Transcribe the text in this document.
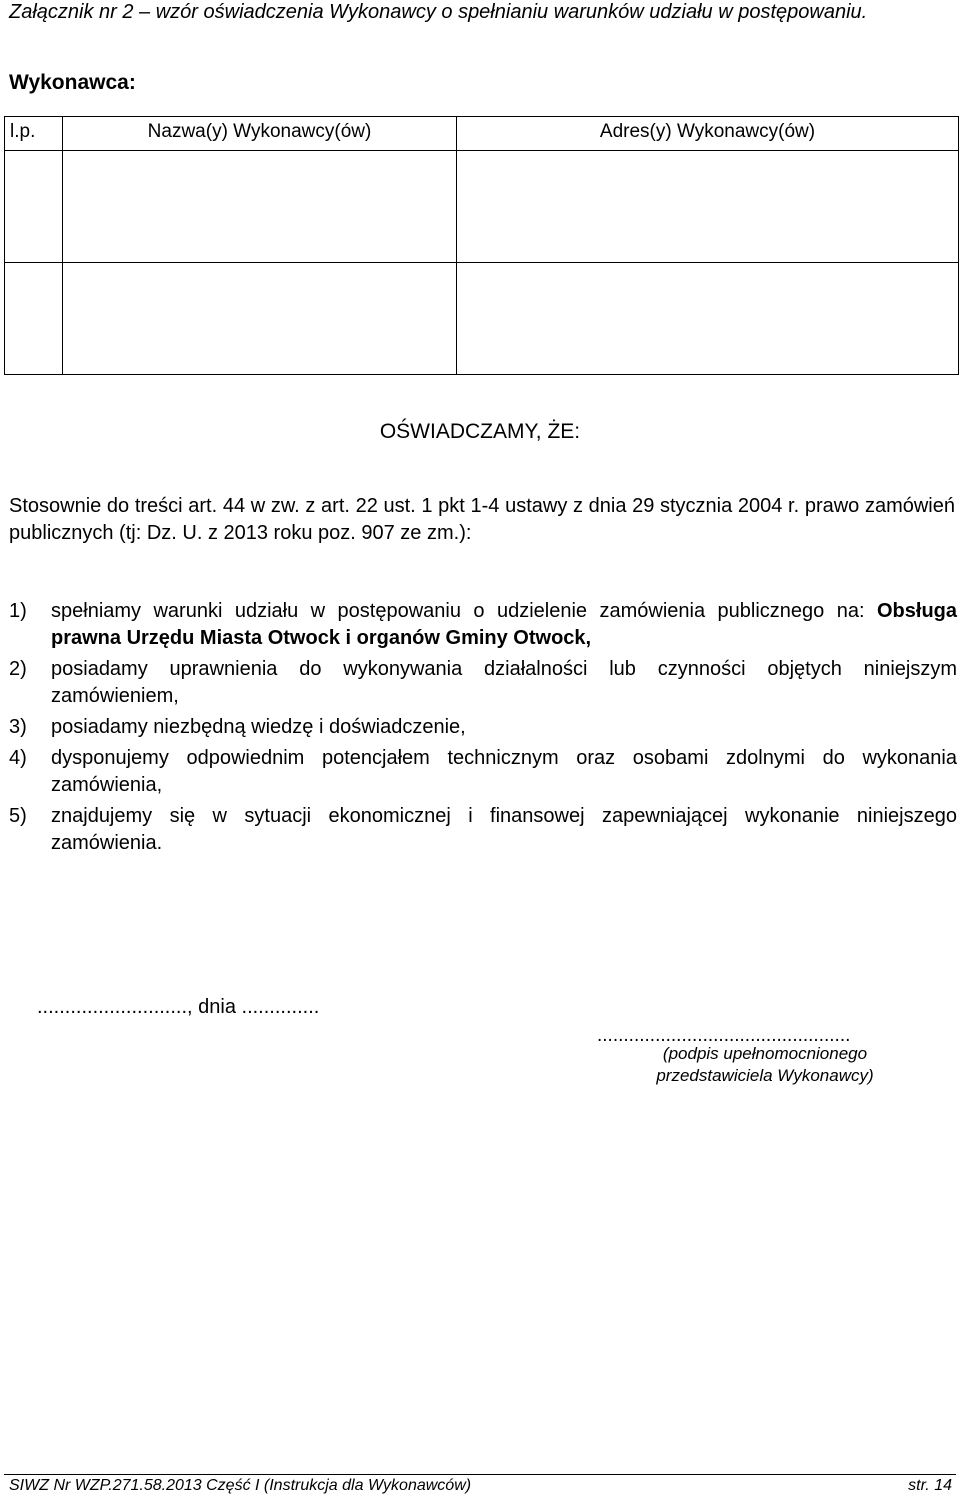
Załącznik nr 2 – wzór oświadczenia Wykonawcy o spełnianiu warunków udziału w postępowaniu.
Wykonawca:
l.p.	Nazwa(y) Wykonawcy(ów)	Adres(y) Wykonawcy(ów)

OŚWIADCZAMY, ŻE:
Stosownie do treści art. 44 w zw. z art. 22 ust. 1 pkt 1-4 ustawy z dnia 29 stycznia 2004 r. prawo zamówień publicznych (tj: Dz. U. z 2013 roku poz. 907 ze zm.):
1) spełniamy warunki udziału w postępowaniu o udzielenie zamówienia publicznego na: Obsługa prawna Urzędu Miasta Otwock i organów Gminy Otwock,
2) posiadamy uprawnienia do wykonywania działalności lub czynności objętych niniejszym zamówieniem,
3) posiadamy niezbędną wiedzę i doświadczenie,
4) dysponujemy odpowiednim potencjałem technicznym oraz osobami zdolnymi do wykonania zamówienia,
5) znajdujemy się w sytuacji ekonomicznej i finansowej zapewniającej wykonanie niniejszego zamówienia.
..........................., dnia ..............
................................................
(podpis upełnomocnionego przedstawiciela Wykonawcy)
SIWZ Nr WZP.271.58.2013 Część I (Instrukcja dla Wykonawców)	str. 14
